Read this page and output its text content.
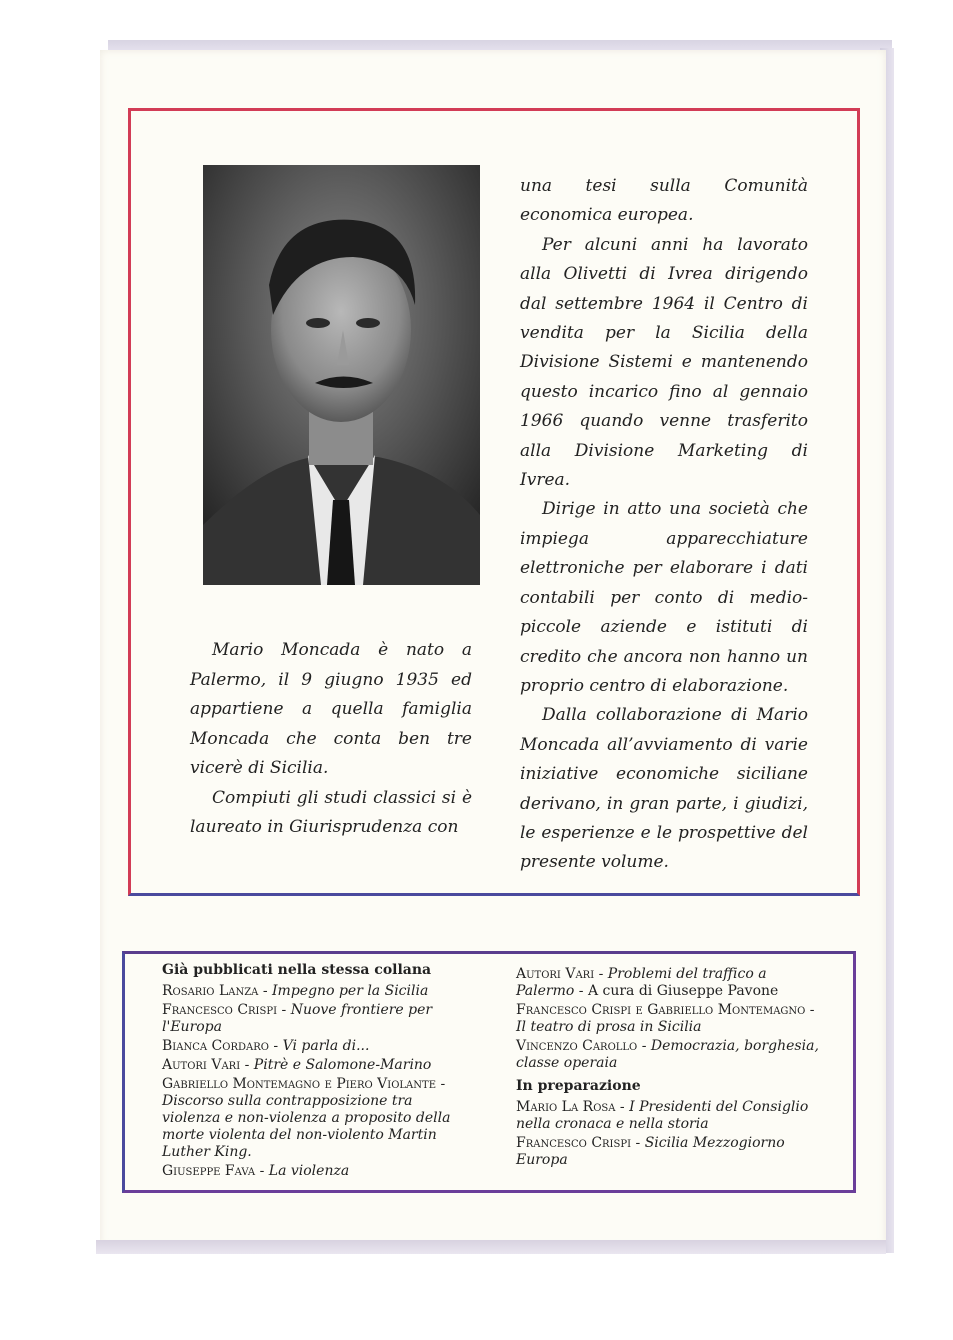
Mario Moncada è nato a Palermo, il 9 giugno 1935 ed appartiene a quella famiglia Moncada che conta ben tre vicerè di Sicilia.

Compiuti gli studi classici si è laureato in Giurisprudenza con

una tesi sulla Comunità economica europea.

Per alcuni anni ha lavorato alla Olivetti di Ivrea dirigendo dal settembre 1964 il Centro di vendita per la Sicilia della Divisione Sistemi e mantenendo questo incarico fino al gennaio 1966 quando venne trasferito alla Divisione Marketing di Ivrea.

Dirige in atto una società che impiega apparecchiature elettroniche per elaborare i dati contabili per conto di medio-piccole aziende e istituti di credito che ancora non hanno un proprio centro di elaborazione.

Dalla collaborazione di Mario Moncada all’avviamento di varie iniziative economiche siciliane derivano, in gran parte, i giudizi, le esperienze e le prospettive del presente volume.

Già pubblicati nella stessa collana
Rosario Lanza - Impegno per la Sicilia
Francesco Crispi - Nuove frontiere per l'Europa
Bianca Cordaro - Vi parla di...
Autori Vari - Pitrè e Salomone-Marino
Gabriello Montemagno e Piero Violante - Discorso sulla contrapposizione tra violenza e non-violenza a proposito della morte violenta del non-violento Martin Luther King.
Giuseppe Fava - La violenza
Autori Vari - Problemi del traffico a Palermo - A cura di Giuseppe Pavone
Francesco Crispi e Gabriello Montemagno - Il teatro di prosa in Sicilia
Vincenzo Carollo - Democrazia, borghesia, classe operaia
In preparazione
Mario La Rosa - I Presidenti del Consiglio nella cronaca e nella storia
Francesco Crispi - Sicilia Mezzogiorno Europa
